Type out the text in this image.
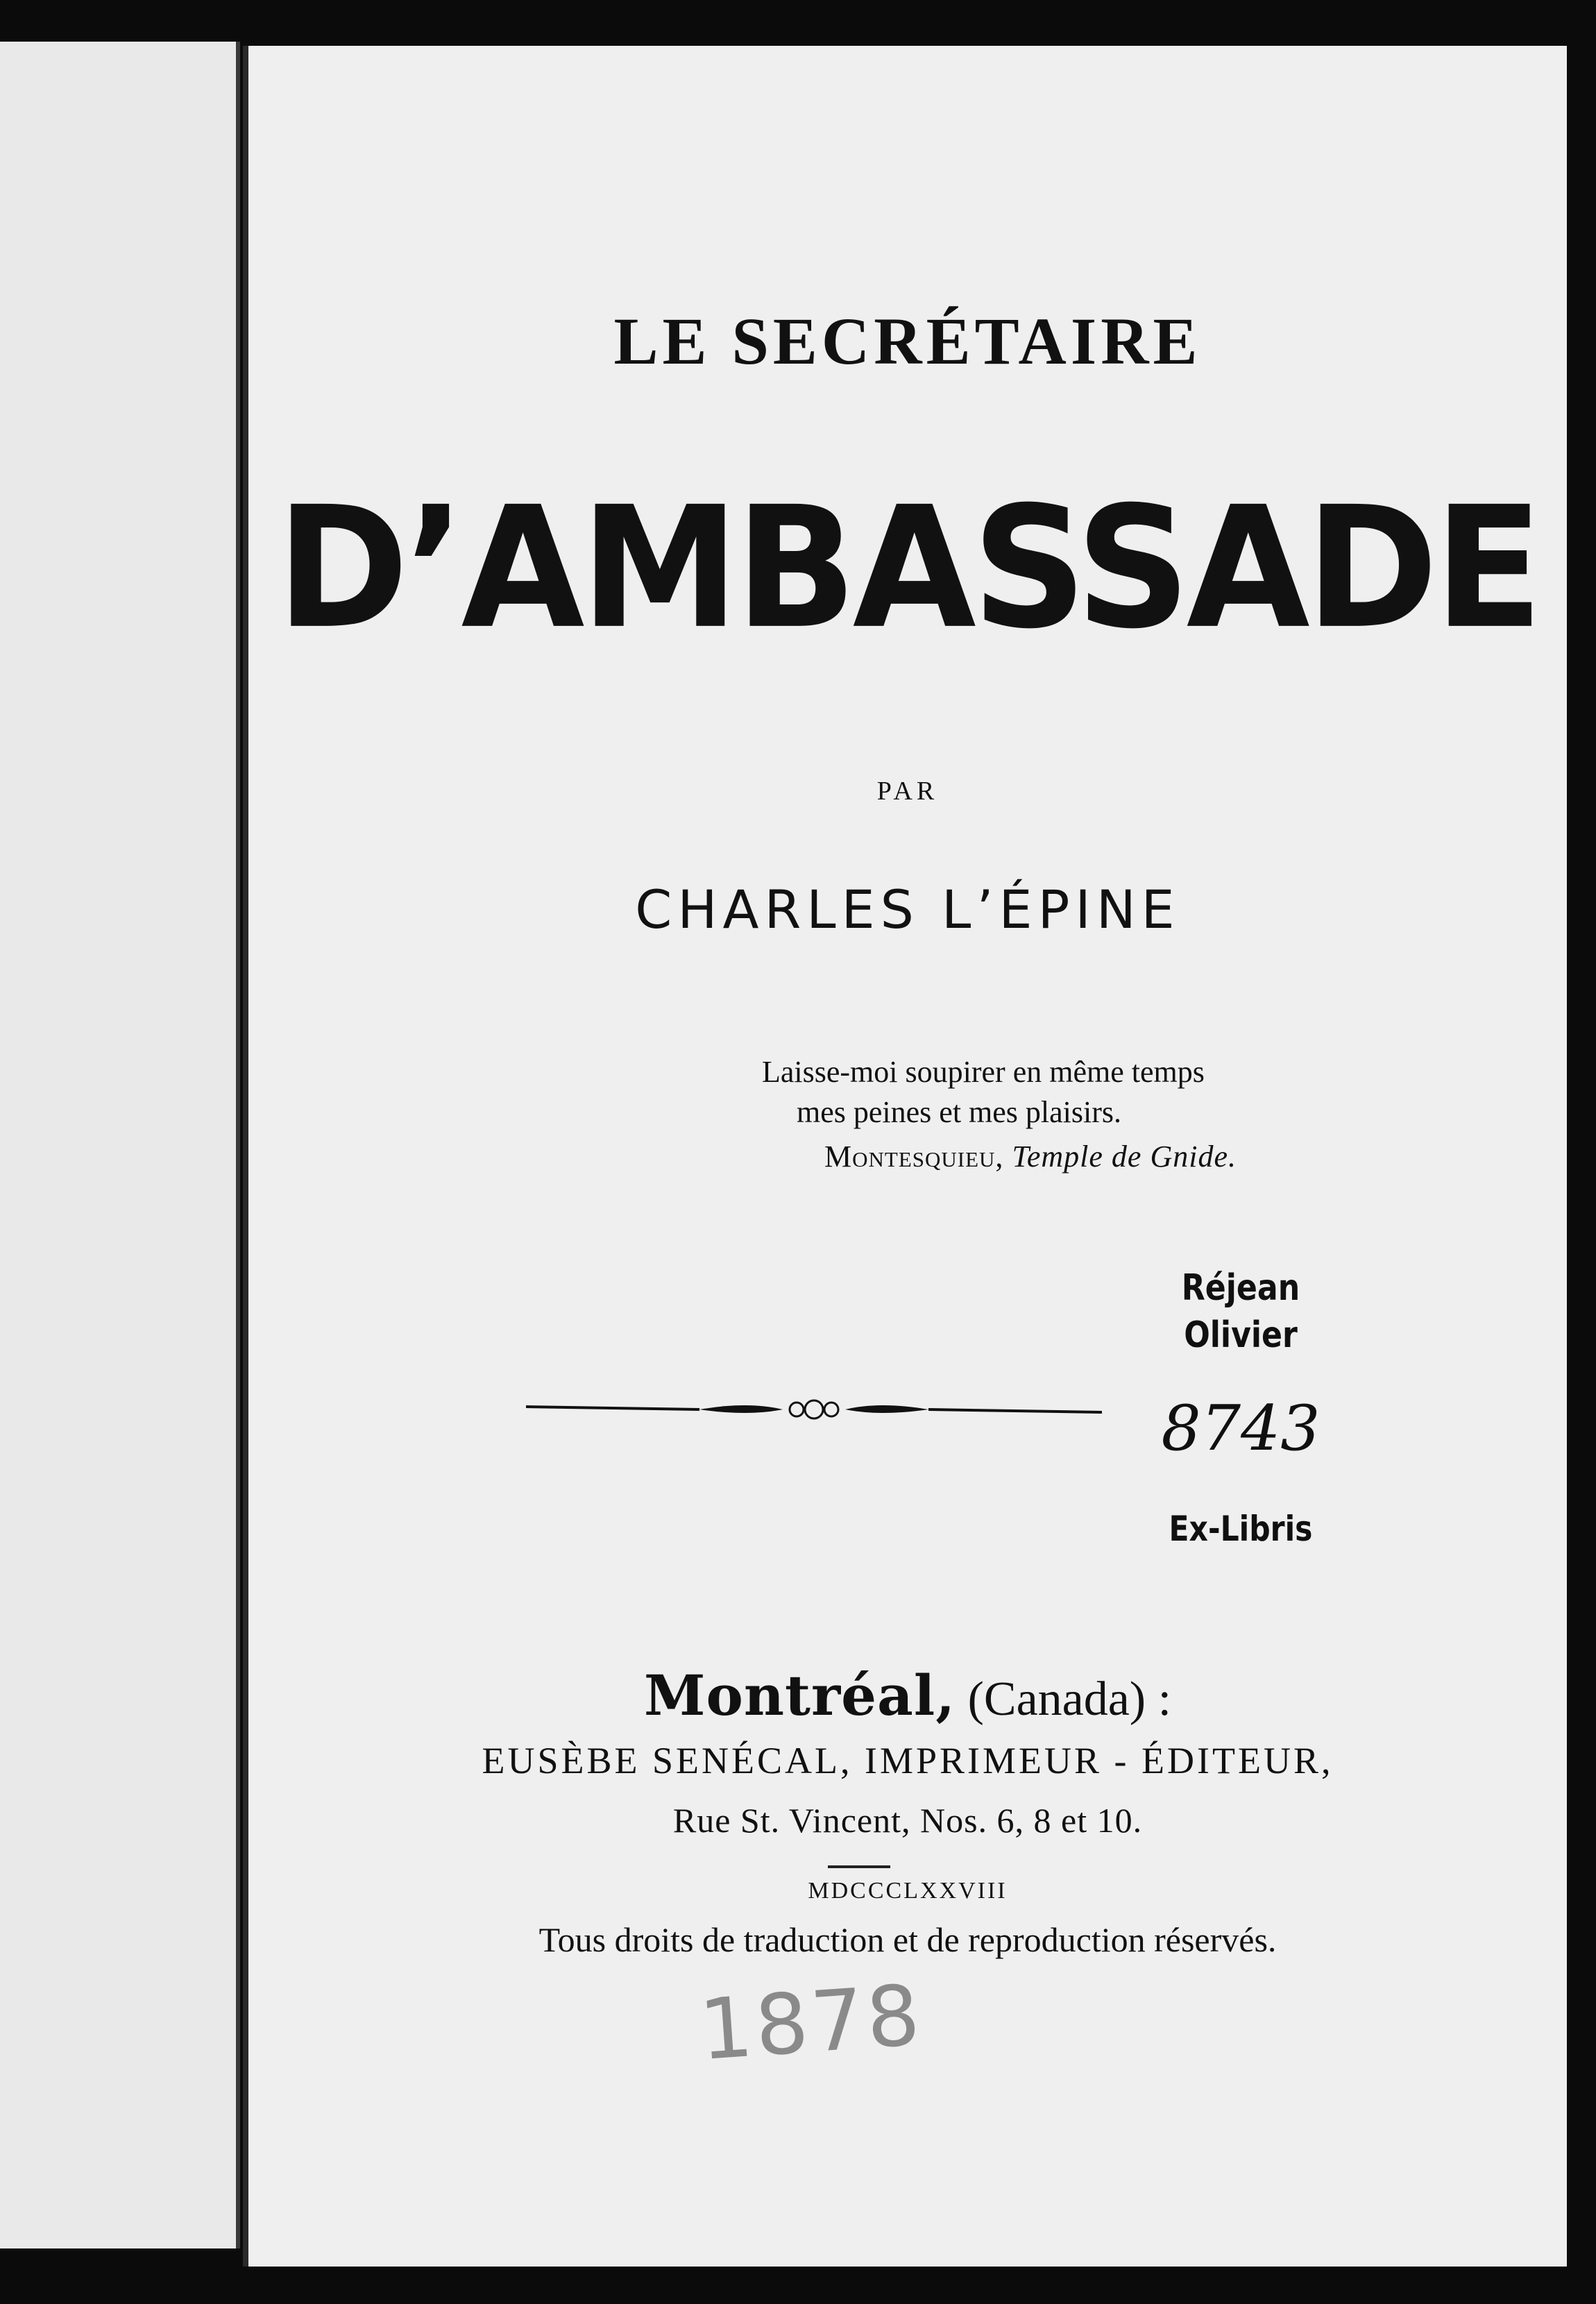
LE SECRÉTAIRE
D’AMBASSADE
PAR
CHARLES L’ÉPINE
Laisse-moi soupirer en même temps
mes peines et mes plaisirs.
Montesquieu, Temple de Gnide.
Réjean
Olivier
8743
Ex-Libris
Montréal, (Canada) :
EUSÈBE SENÉCAL, IMPRIMEUR - ÉDITEUR,
Rue St. Vincent, Nos. 6, 8 et 10.
MDCCCLXXVIII
Tous droits de traduction et de reproduction réservés.
1878
